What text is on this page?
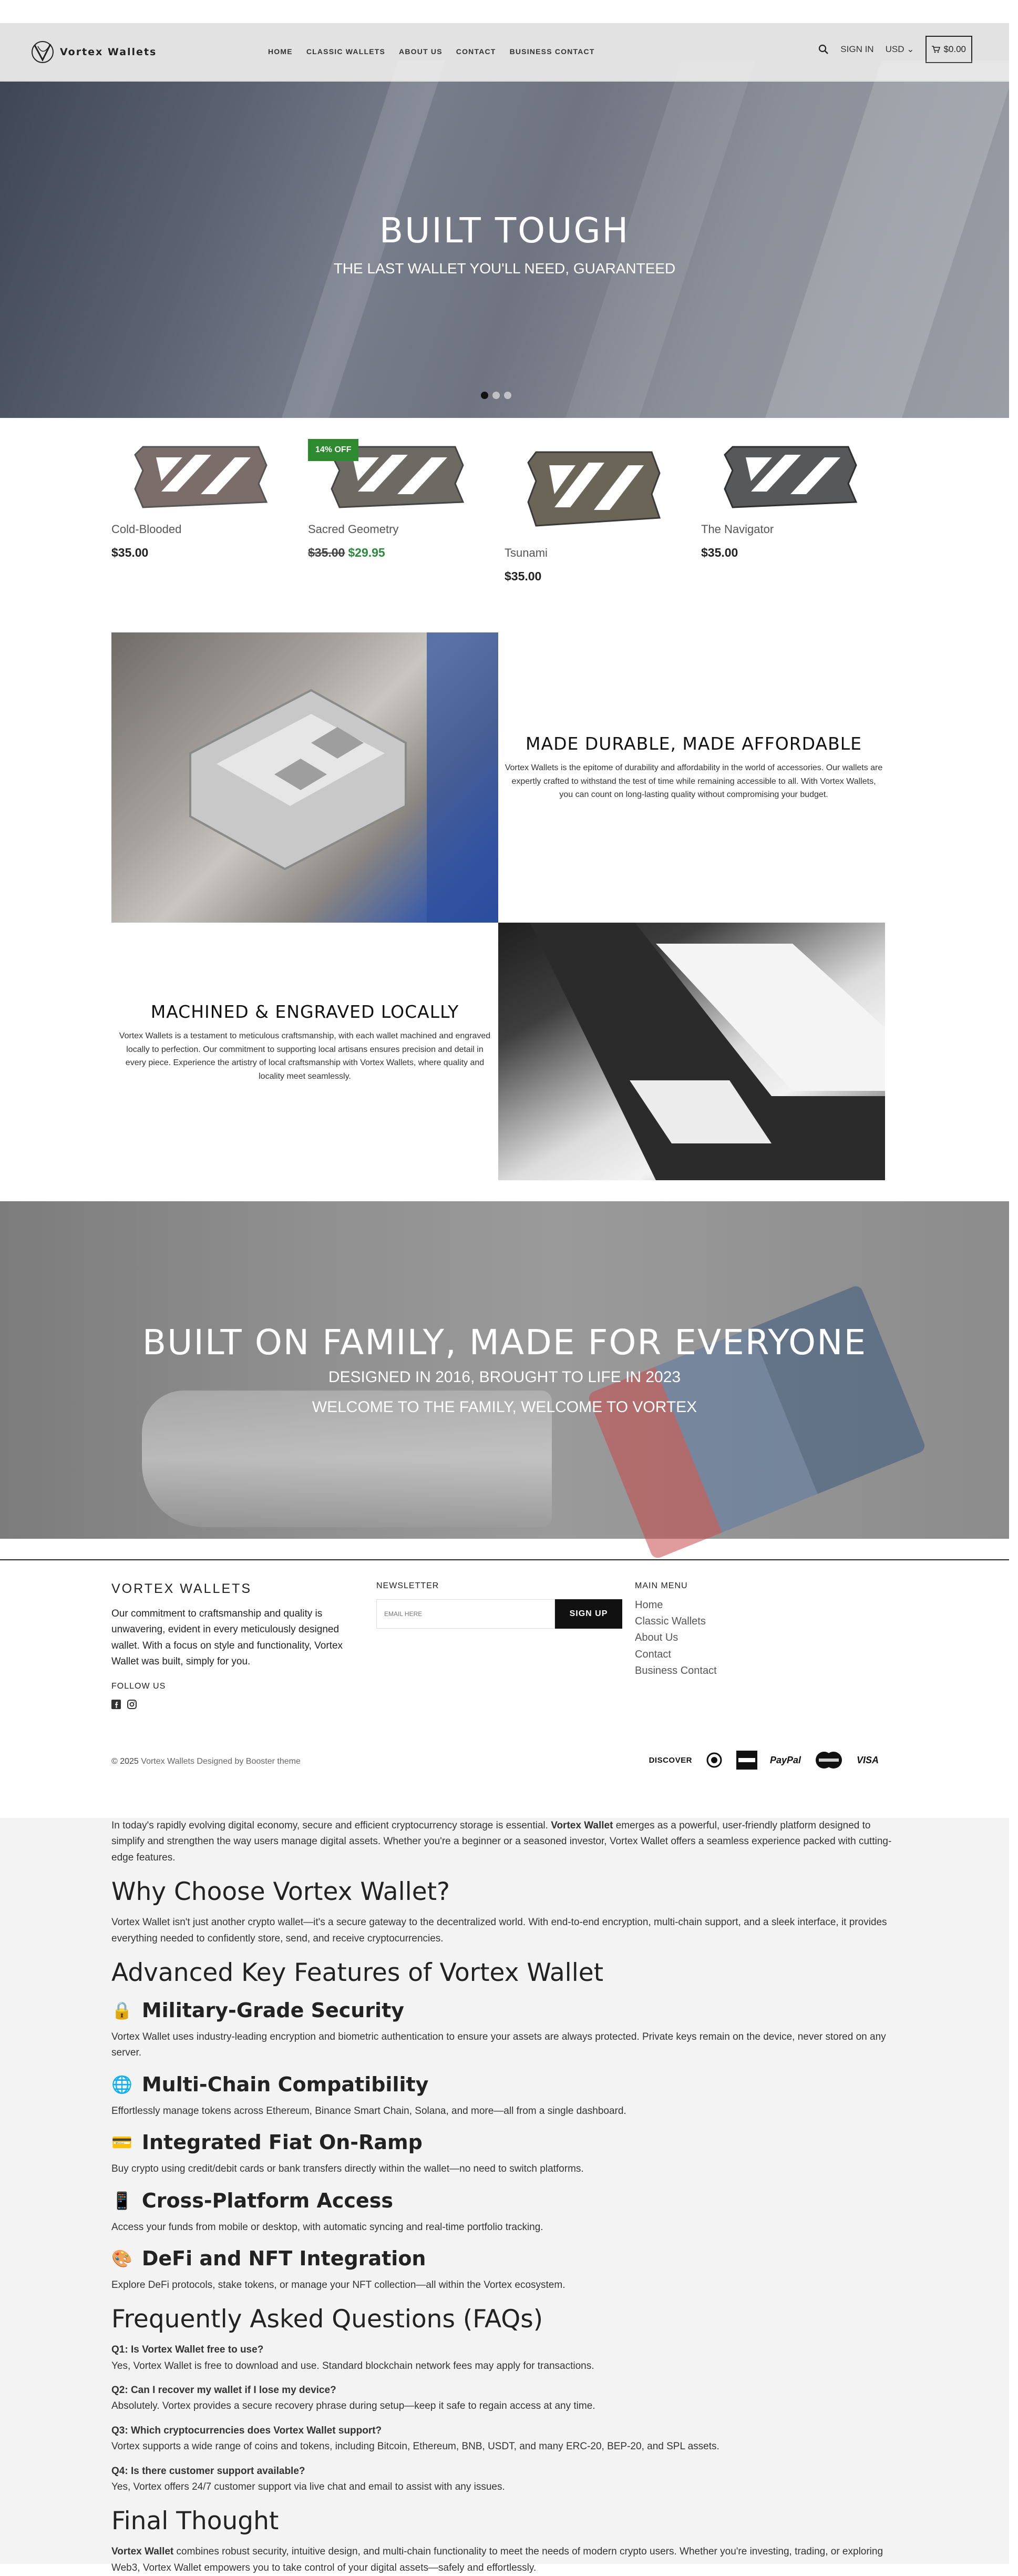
Vortex Wallets	HOME CLASSIC WALLETS ABOUT US CONTACT BUSINESS CONTACT	SIGN IN USD ⌄	$0.00
BUILT TOUGH
THE LAST WALLET YOU'LL NEED, GUARANTEED
Cold-Blooded
$35.00
14% OFF
Sacred Geometry
$35.00 $29.95	Tsunami
$35.00
The Navigator
$35.00
MADE DURABLE, MADE AFFORDABLE
Vortex Wallets is the epitome of durability and affordability in the world of accessories. Our wallets are expertly crafted to withstand the test of time while remaining accessible to all. With Vortex Wallets, you can count on long-lasting quality without compromising your budget.
MACHINED & ENGRAVED LOCALLY
Vortex Wallets is a testament to meticulous craftsmanship, with each wallet machined and engraved locally to perfection. Our commitment to supporting local artisans ensures precision and detail in every piece. Experience the artistry of local craftsmanship with Vortex Wallets, where quality and locality meet seamlessly.
BUILT ON FAMILY, MADE FOR EVERYONE
DESIGNED IN 2016, BROUGHT TO LIFE IN 2023
WELCOME TO THE FAMILY, WELCOME TO VORTEX
VORTEX WALLETS
Our commitment to craftsmanship and quality is unwavering, evident in every meticulously designed wallet. With a focus on style and functionality, Vortex Wallet was built, simply for you.
FOLLOW US
NEWSLETTER
EMAIL HERE
SIGN UP
MAIN MENU
Home
Classic Wallets
About Us
Contact
Business Contact
© 2025 Vortex Wallets Designed by Booster theme	DISCOVER	PayPal	VISA

In today's rapidly evolving digital economy, secure and efficient cryptocurrency storage is essential. Vortex Wallet emerges as a powerful, user-friendly platform designed to simplify and strengthen the way users manage digital assets. Whether you're a beginner or a seasoned investor, Vortex Wallet offers a seamless experience packed with cutting-edge features.

Why Choose Vortex Wallet?

Vortex Wallet isn't just another crypto wallet—it's a secure gateway to the decentralized world. With end-to-end encryption, multi-chain support, and a sleek interface, it provides everything needed to confidently store, send, and receive cryptocurrencies.

Advanced Key Features of Vortex Wallet
🔒 Military-Grade Security

Vortex Wallet uses industry-leading encryption and biometric authentication to ensure your assets are always protected. Private keys remain on the device, never stored on any server.

🌐 Multi-Chain Compatibility

Effortlessly manage tokens across Ethereum, Binance Smart Chain, Solana, and more—all from a single dashboard.

💳 Integrated Fiat On-Ramp

Buy crypto using credit/debit cards or bank transfers directly within the wallet—no need to switch platforms.

📱 Cross-Platform Access

Access your funds from mobile or desktop, with automatic syncing and real-time portfolio tracking.

🎨 DeFi and NFT Integration

Explore DeFi protocols, stake tokens, or manage your NFT collection—all within the Vortex ecosystem.

Frequently Asked Questions (FAQs)

Q1: Is Vortex Wallet free to use?

Yes, Vortex Wallet is free to download and use. Standard blockchain network fees may apply for transactions.

Q2: Can I recover my wallet if I lose my device?

Absolutely. Vortex provides a secure recovery phrase during setup—keep it safe to regain access at any time.

Q3: Which cryptocurrencies does Vortex Wallet support?

Vortex supports a wide range of coins and tokens, including Bitcoin, Ethereum, BNB, USDT, and many ERC-20, BEP-20, and SPL assets.

Q4: Is there customer support available?

Yes, Vortex offers 24/7 customer support via live chat and email to assist with any issues.

Final Thought

Vortex Wallet combines robust security, intuitive design, and multi-chain functionality to meet the needs of modern crypto users. Whether you're investing, trading, or exploring Web3, Vortex Wallet empowers you to take control of your digital assets—safely and effortlessly.
